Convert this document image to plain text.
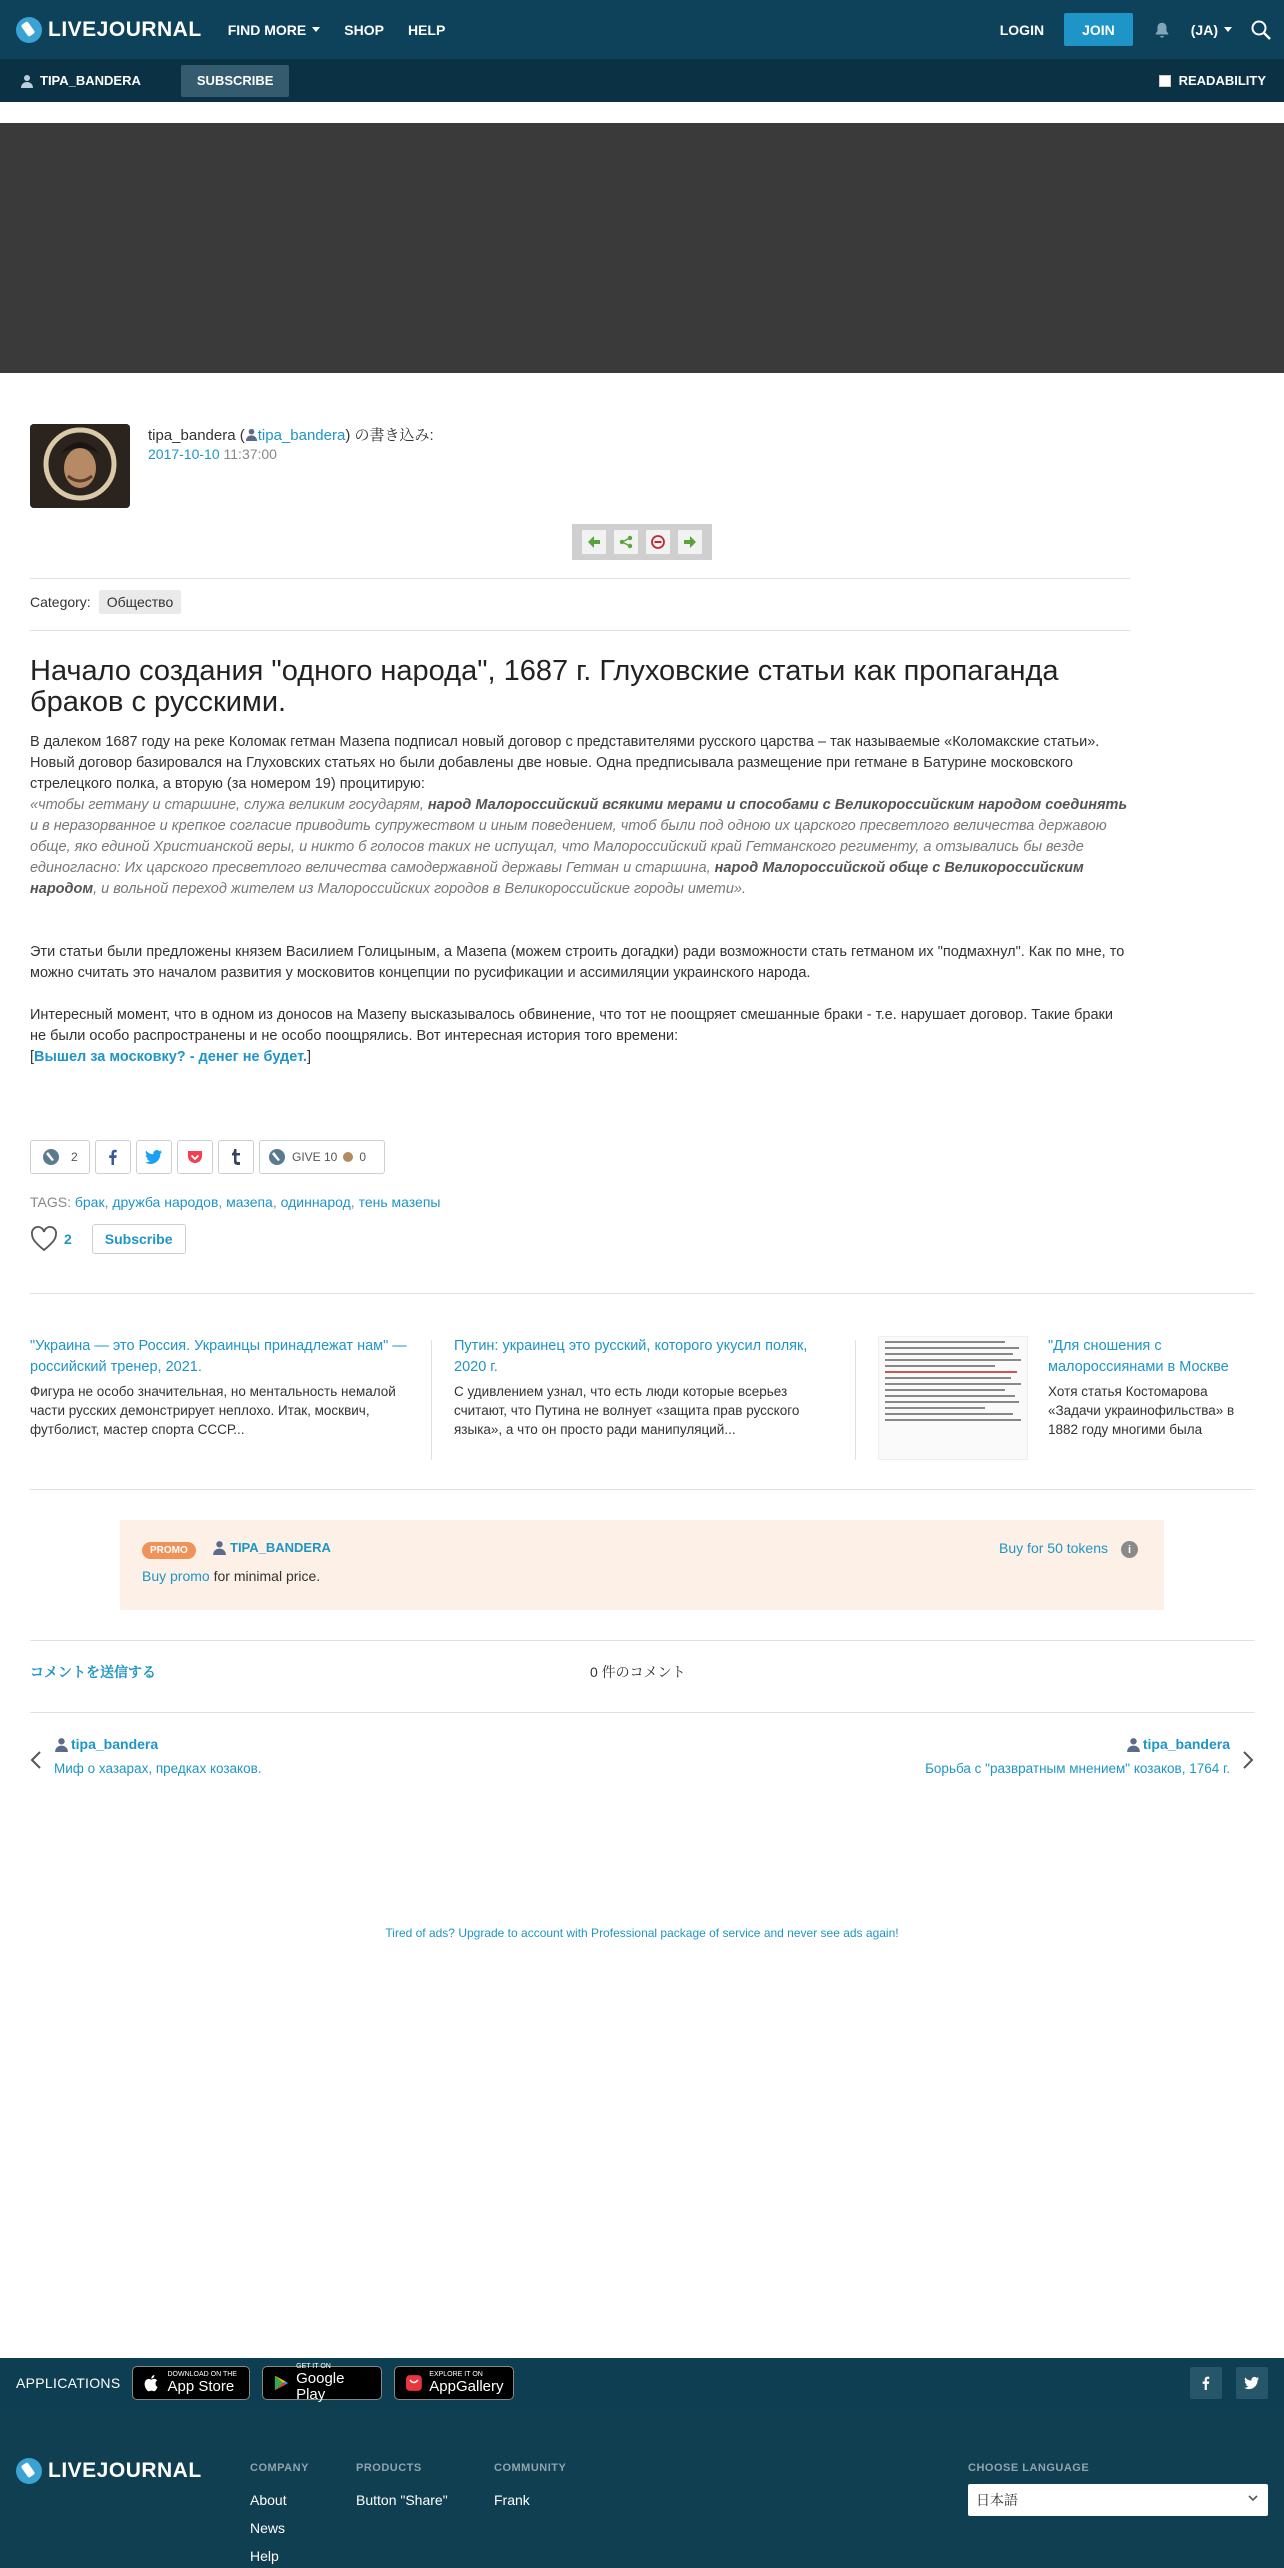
LIVEJOURNAL FIND MORE	SHOP HELP	LOGIN	JOIN	(JA)
TIPA_BANDERA	SUBSCRIBE	READABILITY
tipa_bandera ( tipa_bandera) の書き込み:
2017-10-10 11:37:00
Category:	Общество
Начало создания "одного народа", 1687 г. Глуховские статьи как пропаганда браков с русскими.

В далеком 1687 году на реке Коломак гетман Мазепа подписал новый договор с представителями русского царства – так называемые «Коломакские статьи». Новый договор базировался на Глуховских статьях но были добавлены две новые. Одна предписывала размещение при гетмане в Батурине московского стрелецкого полка, а вторую (за номером 19) процитирую:

«чтобы гетману и старшине, служа великим государям, народ Малороссийский всякими мерами и способами с Великороссийским народом соединять и в неразорванное и крепкое согласие приводить супружеством и иным поведением, чтоб были под одною их царского пресветлого величества державою обще, яко единой Христианской веры, и никто б голосов таких не испущал, что Малороссийский край Гетманского регименту, а отзывались бы везде единогласно: Их царского пресветлого величества самодержавной державы Гетман и старшина, народ Малороссийской обще с Великороссийским народом, и вольной переход жителем из Малороссийских городов в Великороссийские городы имети».

Эти статьи были предложены князем Василием Голицыным, а Мазепа (можем строить догадки) ради возможности стать гетманом их "подмахнул". Как по мне, то можно считать это началом развития у московитов концепции по русификации и ассимиляции украинского народа.

Интересный момент, что в одном из доносов на Мазепу высказывалось обвинение, что тот не поощряет смешанные браки - т.е. нарушает договор. Такие браки не были особо распространены и не особо поощрялись. Вот интересная история того времени:
[Вышел за московку? - денег не будет.]

2	GIVE 10 0
TAGS: брак, дружба народов, мазепа, одиннарод, тень мазепы
2	Subscribe
"Украина — это Россия. Украинцы принадлежат нам" — российский тренер, 2021.
Фигура не особо значительная, но ментальность немалой части русских демонстрирует неплохо. Итак, москвич, футболист, мастер спорта СССР...
Путин: украинец это русский, которого укусил поляк, 2020 г.
С удивлением узнал, что есть люди которые всерьез считают, что Путина не волнует «защита прав русского языка», а что он просто ради манипуляций...
"Для сношения с малороссиянами в Москве
Хотя статья Костомарова «Задачи украинофильства» в 1882 году многими была
PROMO	TIPA_BANDERA
Buy promo for minimal price.
Buy for 50 tokens	i
コメントを送信する	0 件のコメント
tipa_bandera
Миф о хазарах, предках козаков.
tipa_bandera
Борьба с "развратным мнением" козаков, 1764 г.
Tired of ads? Upgrade to account with Professional package of service and never see ads again!
APPLICATIONS
DOWNLOAD ON THE
App Store
GET IT ON
Google Play
EXPLORE IT ON
AppGallery
LIVEJOURNAL	COMPANY
About
News
Help
PRODUCTS
Button "Share"
COMMUNITY
Frank
CHOOSE LANGUAGE
日本語
